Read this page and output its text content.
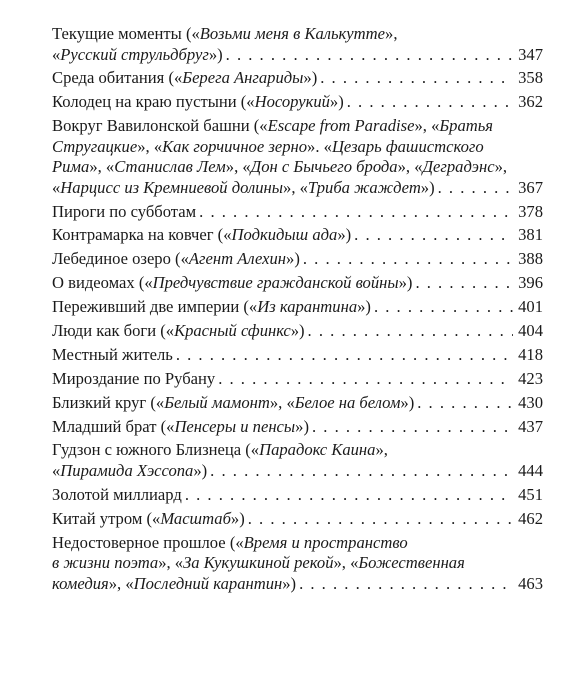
Текущие моменты («Возьми меня в Калькутте»,
«Русский струльдбруг») . . .	347
Среда обитания («Берега Ангариды») . . .	358
Колодец на краю пустыни («Носорукий») . . .	362
Вокруг Вавилонской башни («Escape from Paradise», «Братья
Стругацкие», «Как горчичное зерно». «Цезарь фашистского
Рима», «Станислав Лем», «Дон с Бычьего брода», «Деградэнс»,
«Нарцисс из Кремниевой долины», «Триба жаждет») . . .	367
Пироги по субботам . . .	378
Контрамарка на ковчег («Подкидыш ада») . . .	381
Лебединое озеро («Агент Алехин») . . .	388
О видеомах («Предчувствие гражданской войны») . . .	396
Переживший две империи («Из карантина») . . .	401
Люди как боги («Красный сфинкс») . . .	404
Местный житель . . .	418
Мироздание по Рубану . . .	423
Близкий круг («Белый мамонт», «Белое на белом») . . .	430
Младший брат («Пенсеры и пенсы») . . .	437
Гудзон с южного Близнеца («Парадокс Каина»,
«Пирамида Хэссопа») . . .	444
Золотой миллиард . . .	451
Китай утром («Масштаб») . . .	462
Недостоверное прошлое («Время и пространство
в жизни поэта», «За Кукушкиной рекой», «Божественная
комедия», «Последний карантин») . . .	463
